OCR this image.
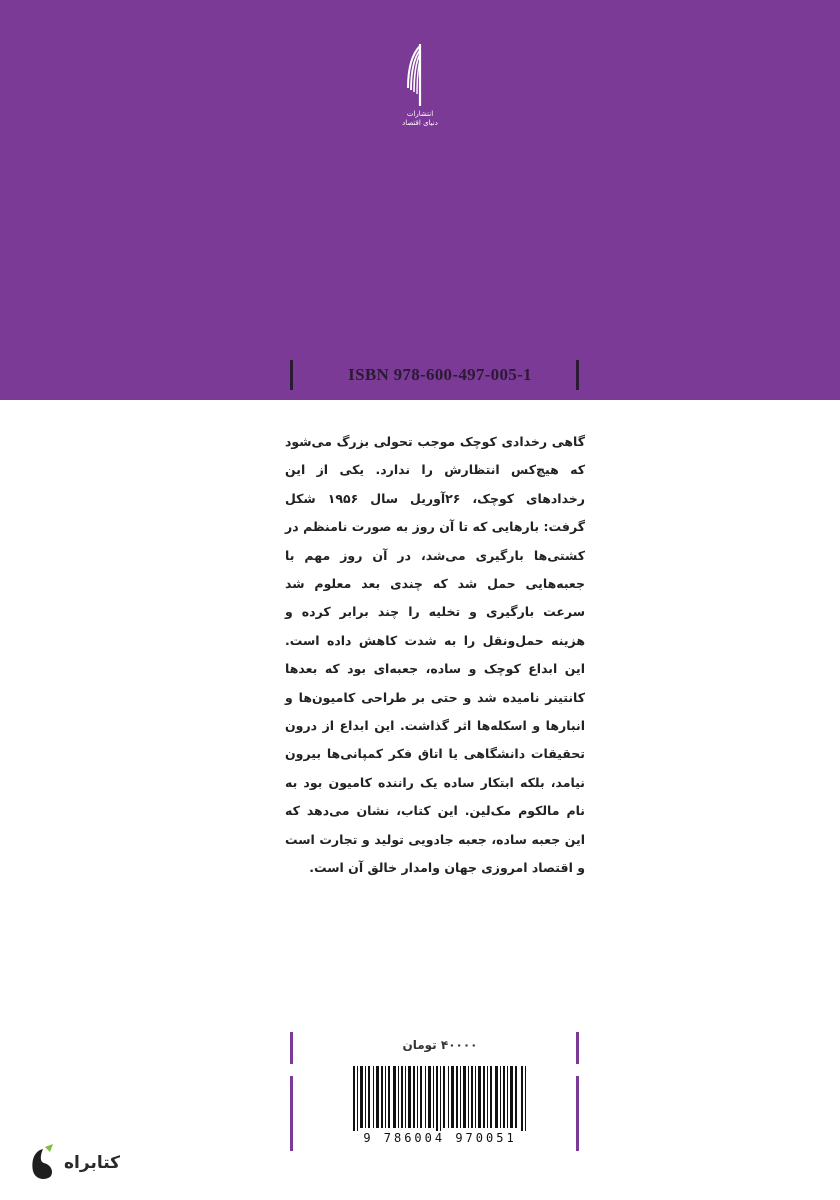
انتشارات
دنیای اقتصاد
ISBN 978-600-497-005-1
گاهی رخدادی کوچک موجب تحولی بزرگ می‌شود که هیچ‌کس انتظارش را ندارد. یکی از این رخدادهای کوچک، ۲۶آوریل سال ۱۹۵۶ شکل گرفت: بارهایی که تا آن روز به صورت نامنظم در کشتی‌ها بارگیری می‌شد، در آن روز مهم با جعبه‌هایی حمل شد که چندی بعد معلوم شد سرعت بارگیری و تخلیه را چند برابر کرده و هزینه حمل‌ونقل را به شدت کاهش داده است. این ابداع کوچک و ساده، جعبه‌ای بود که بعدها کانتینر نامیده شد و حتی بر طراحی کامیون‌ها و انبارها و اسکله‌ها اثر گذاشت. این ابداع از درون تحقیقات دانشگاهی یا اتاق فکر کمپانی‌ها بیرون نیامد، بلکه ابتکار ساده یک راننده کامیون بود به نام مالکوم مک‌لین. این کتاب، نشان می‌دهد که این جعبه ساده، جعبه جادویی تولید و تجارت است و اقتصاد امروزی جهان وامدار خالق آن است.
۴۰۰۰۰ تومان
9 786004 970051
کتابراه
